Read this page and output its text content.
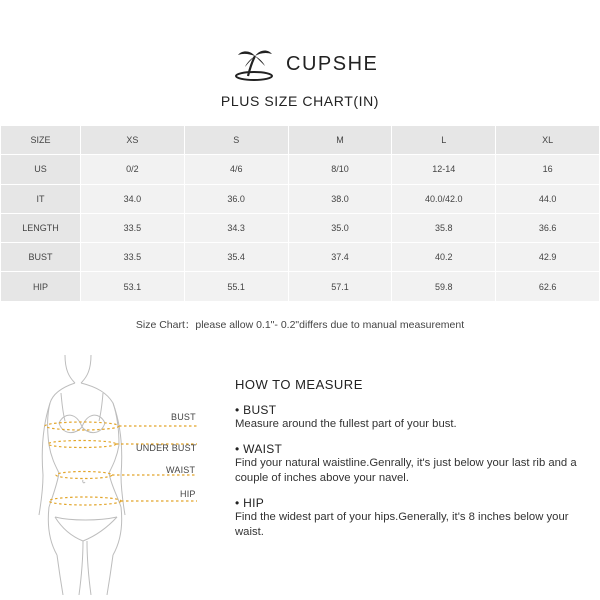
CUPSHE
PLUS SIZE CHART(IN)
SIZE	XS	S	M	L	XL
US	0/2	4/6	8/10	12-14	16
IT	34.0	36.0	38.0	40.0/42.0	44.0
LENGTH	33.5	34.3	35.0	35.8	36.6
BUST	33.5	35.4	37.4	40.2	42.9
HIP	53.1	55.1	57.1	59.8	62.6
Size Chart：please allow 0.1"- 0.2"differs due to manual measurement
BUST
UNDER BUST
WAIST
HIP
HOW TO MEASURE
• BUST
Measure around the fullest part of your bust.
• WAIST
Find your natural waistline.Genrally, it's just below your last rib and a couple of inches above your navel.
• HIP
Find the widest part of your hips.Generally, it's 8 inches below your waist.
